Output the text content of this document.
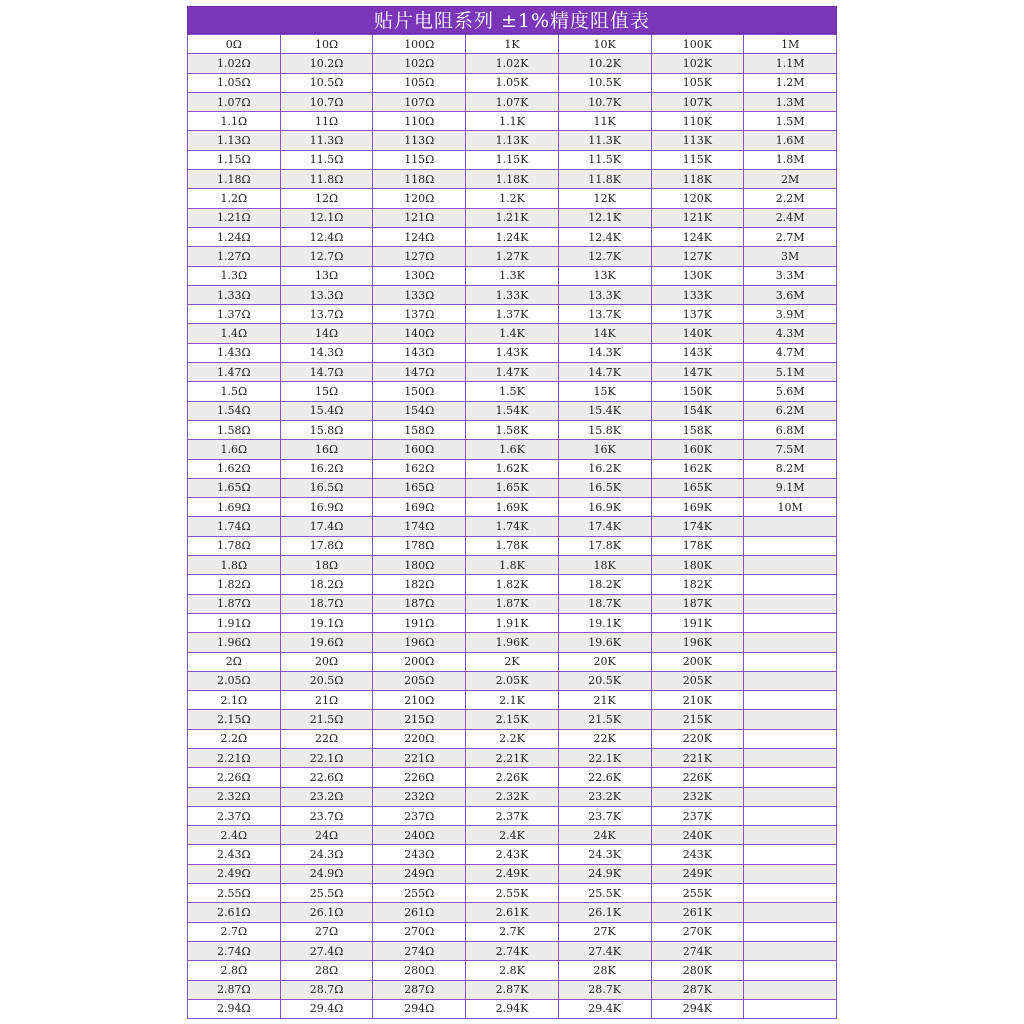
贴片电阻系列 ±1%精度阻值表
0Ω	10Ω	100Ω	1K	10K	100K	1M
1.02Ω	10.2Ω	102Ω	1.02K	10.2K	102K	1.1M
1.05Ω	10.5Ω	105Ω	1.05K	10.5K	105K	1.2M
1.07Ω	10.7Ω	107Ω	1.07K	10.7K	107K	1.3M
1.1Ω	11Ω	110Ω	1.1K	11K	110K	1.5M
1.13Ω	11.3Ω	113Ω	1.13K	11.3K	113K	1.6M
1.15Ω	11.5Ω	115Ω	1.15K	11.5K	115K	1.8M
1.18Ω	11.8Ω	118Ω	1.18K	11.8K	118K	2M
1.2Ω	12Ω	120Ω	1.2K	12K	120K	2.2M
1.21Ω	12.1Ω	121Ω	1.21K	12.1K	121K	2.4M
1.24Ω	12.4Ω	124Ω	1.24K	12.4K	124K	2.7M
1.27Ω	12.7Ω	127Ω	1.27K	12.7K	127K	3M
1.3Ω	13Ω	130Ω	1.3K	13K	130K	3.3M
1.33Ω	13.3Ω	133Ω	1.33K	13.3K	133K	3.6M
1.37Ω	13.7Ω	137Ω	1.37K	13.7K	137K	3.9M
1.4Ω	14Ω	140Ω	1.4K	14K	140K	4.3M
1.43Ω	14.3Ω	143Ω	1.43K	14.3K	143K	4.7M
1.47Ω	14.7Ω	147Ω	1.47K	14.7K	147K	5.1M
1.5Ω	15Ω	150Ω	1.5K	15K	150K	5.6M
1.54Ω	15.4Ω	154Ω	1.54K	15.4K	154K	6.2M
1.58Ω	15.8Ω	158Ω	1.58K	15.8K	158K	6.8M
1.6Ω	16Ω	160Ω	1.6K	16K	160K	7.5M
1.62Ω	16.2Ω	162Ω	1.62K	16.2K	162K	8.2M
1.65Ω	16.5Ω	165Ω	1.65K	16.5K	165K	9.1M
1.69Ω	16.9Ω	169Ω	1.69K	16.9K	169K	10M
1.74Ω	17.4Ω	174Ω	1.74K	17.4K	174K	
1.78Ω	17.8Ω	178Ω	1.78K	17.8K	178K	
1.8Ω	18Ω	180Ω	1.8K	18K	180K	
1.82Ω	18.2Ω	182Ω	1.82K	18.2K	182K	
1.87Ω	18.7Ω	187Ω	1.87K	18.7K	187K	
1.91Ω	19.1Ω	191Ω	1.91K	19.1K	191K	
1.96Ω	19.6Ω	196Ω	1.96K	19.6K	196K	
2Ω	20Ω	200Ω	2K	20K	200K	
2.05Ω	20.5Ω	205Ω	2.05K	20.5K	205K	
2.1Ω	21Ω	210Ω	2.1K	21K	210K	
2.15Ω	21.5Ω	215Ω	2.15K	21.5K	215K	
2.2Ω	22Ω	220Ω	2.2K	22K	220K	
2.21Ω	22.1Ω	221Ω	2.21K	22.1K	221K	
2.26Ω	22.6Ω	226Ω	2.26K	22.6K	226K	
2.32Ω	23.2Ω	232Ω	2.32K	23.2K	232K	
2.37Ω	23.7Ω	237Ω	2.37K	23.7K	237K	
2.4Ω	24Ω	240Ω	2.4K	24K	240K	
2.43Ω	24.3Ω	243Ω	2.43K	24.3K	243K	
2.49Ω	24.9Ω	249Ω	2.49K	24.9K	249K	
2.55Ω	25.5Ω	255Ω	2.55K	25.5K	255K	
2.61Ω	26.1Ω	261Ω	2.61K	26.1K	261K	
2.7Ω	27Ω	270Ω	2.7K	27K	270K	
2.74Ω	27.4Ω	274Ω	2.74K	27.4K	274K	
2.8Ω	28Ω	280Ω	2.8K	28K	280K	
2.87Ω	28.7Ω	287Ω	2.87K	28.7K	287K	
2.94Ω	29.4Ω	294Ω	2.94K	29.4K	294K	
